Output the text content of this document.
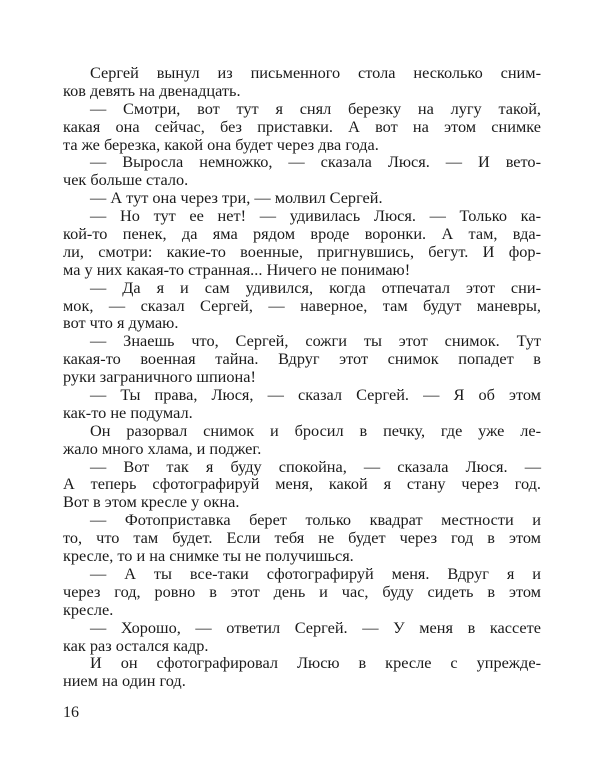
Сергей вынул из письменного стола несколько сним-
ков девять на двенадцать.
— Смотри, вот тут я снял березку на лугу такой,
какая она сейчас, без приставки. А вот на этом снимке
та же березка, какой она будет через два года.
— Выросла немножко, — сказала Люся. — И вето-
чек больше стало.
— А тут она через три, — молвил Сергей.
— Но тут ее нет! — удивилась Люся. — Только ка-
кой-то пенек, да яма рядом вроде воронки. А там, вда-
ли, смотри: какие-то военные, пригнувшись, бегут. И фор-
ма у них какая-то странная... Ничего не понимаю!
— Да я и сам удивился, когда отпечатал этот сни-
мок, — сказал Сергей, — наверное, там будут маневры,
вот что я думаю.
— Знаешь что, Сергей, сожги ты этот снимок. Тут
какая-то военная тайна. Вдруг этот снимок попадет в
руки заграничного шпиона!
— Ты права, Люся, — сказал Сергей. — Я об этом
как-то не подумал.
Он разорвал снимок и бросил в печку, где уже ле-
жало много хлама, и поджег.
— Вот так я буду спокойна, — сказала Люся. —
А теперь сфотографируй меня, какой я стану через год.
Вот в этом кресле у окна.
— Фотоприставка берет только квадрат местности и
то, что там будет. Если тебя не будет через год в этом
кресле, то и на снимке ты не получишься.
— А ты все-таки сфотографируй меня. Вдруг я и
через год, ровно в этот день и час, буду сидеть в этом
кресле.
— Хорошо, — ответил Сергей. — У меня в кассете
как раз остался кадр.
И он сфотографировал Люсю в кресле с упрежде-
нием на один год.
16
